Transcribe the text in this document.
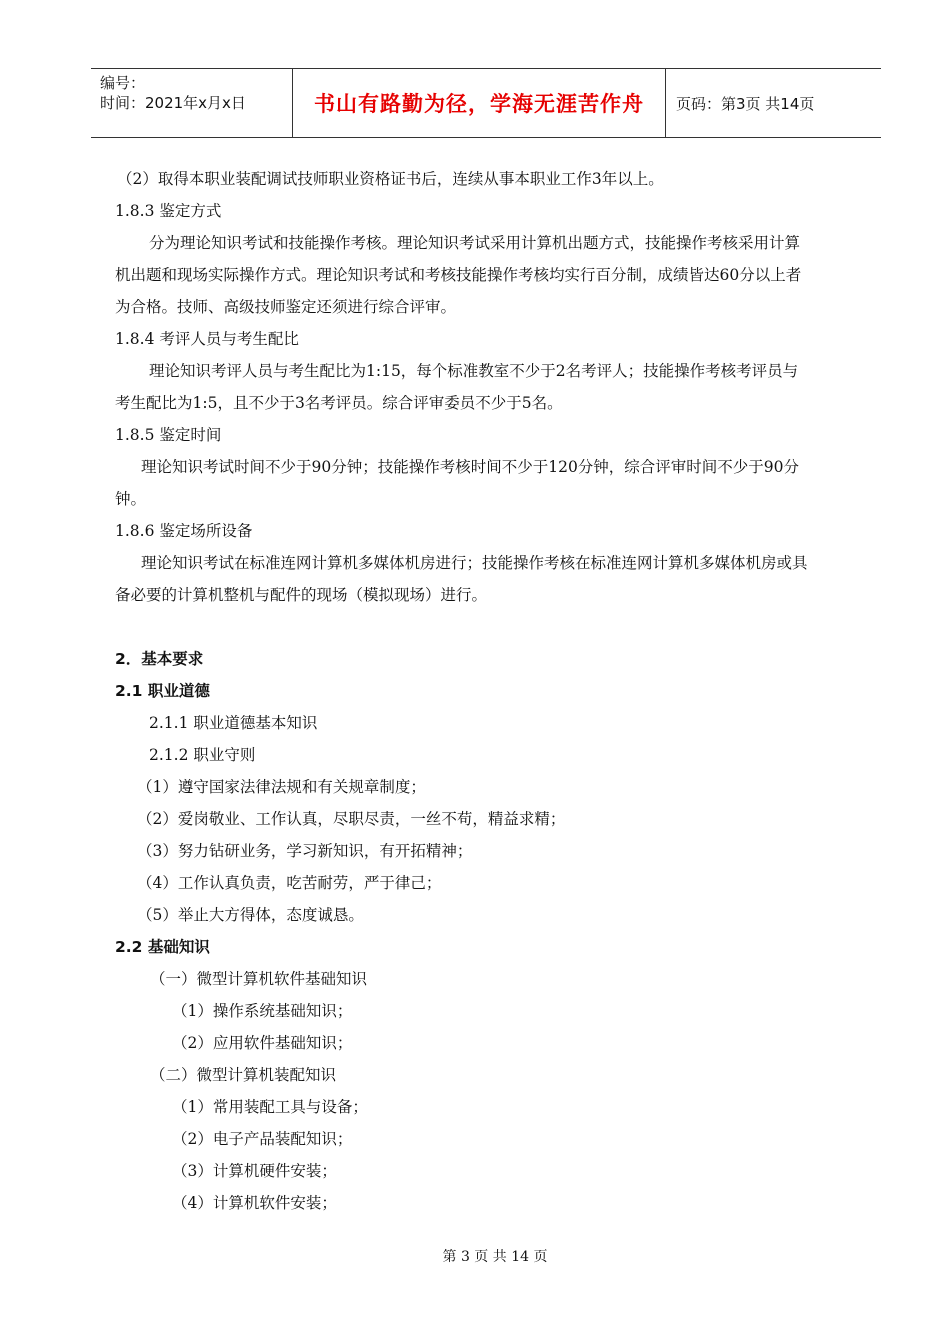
编号：
时间：2021年x月x日	书山有路勤为径，学海无涯苦作舟	页码：第3页 共14页
（2）取得本职业装配调试技师职业资格证书后，连续从事本职业工作3年以上。
1.8.3 鉴定方式
分为理论知识考试和技能操作考核。理论知识考试采用计算机出题方式，技能操作考核采用计算
机出题和现场实际操作方式。理论知识考试和考核技能操作考核均实行百分制，成绩皆达60分以上者
为合格。技师、高级技师鉴定还须进行综合评审。
1.8.4 考评人员与考生配比
理论知识考评人员与考生配比为1:15，每个标准教室不少于2名考评人；技能操作考核考评员与
考生配比为1:5，且不少于3名考评员。综合评审委员不少于5名。
1.8.5 鉴定时间
理论知识考试时间不少于90分钟；技能操作考核时间不少于120分钟，综合评审时间不少于90分
钟。
1.8.6 鉴定场所设备
理论知识考试在标准连网计算机多媒体机房进行；技能操作考核在标准连网计算机多媒体机房或具
备必要的计算机整机与配件的现场（模拟现场）进行。
2．基本要求
2.1 职业道德
2.1.1 职业道德基本知识
2.1.2 职业守则
（1）遵守国家法律法规和有关规章制度；
（2）爱岗敬业、工作认真，尽职尽责，一丝不苟，精益求精；
（3）努力钻研业务，学习新知识，有开拓精神；
（4）工作认真负责，吃苦耐劳，严于律己；
（5）举止大方得体，态度诚恳。
2.2 基础知识
（一）微型计算机软件基础知识
（1）操作系统基础知识；
（2）应用软件基础知识；
（二）微型计算机装配知识
（1）常用装配工具与设备；
（2）电子产品装配知识；
（3）计算机硬件安装；
（4）计算机软件安装；
第 3 页 共 14 页
